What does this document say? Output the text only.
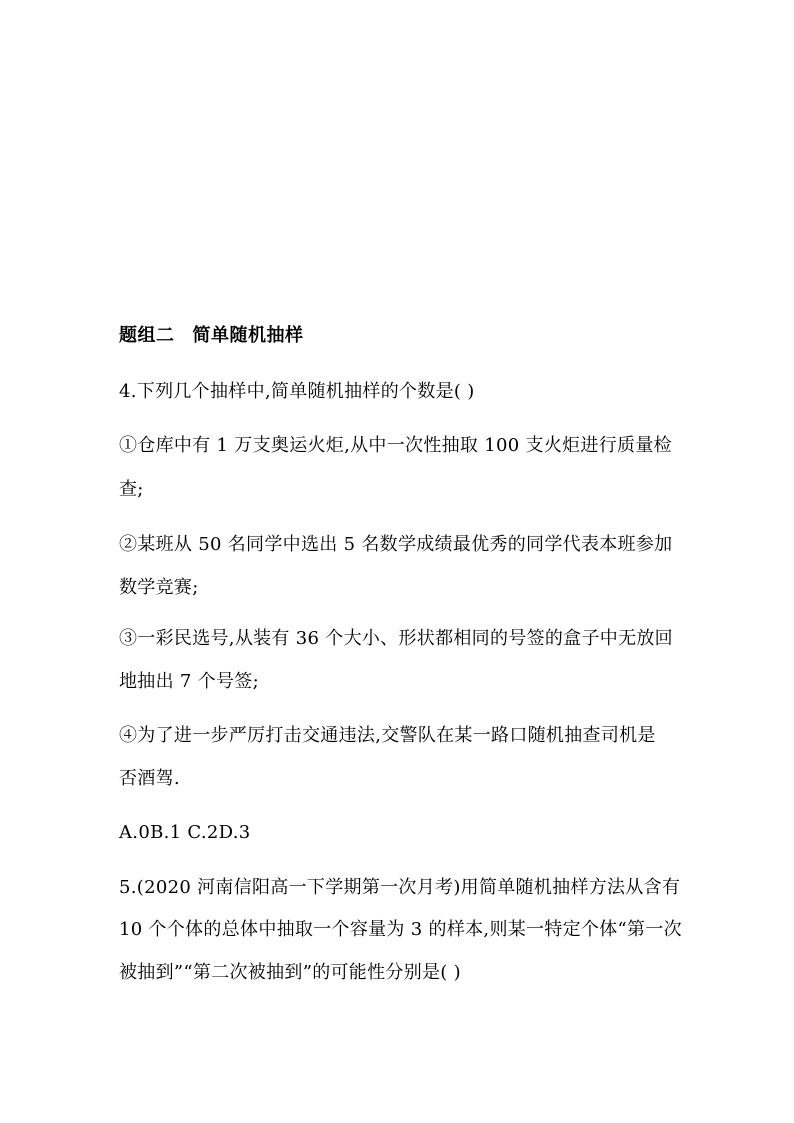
题组二 简单随机抽样
4.下列几个抽样中,简单随机抽样的个数是( )
①仓库中有 1 万支奥运火炬,从中一次性抽取 100 支火炬进行质量检
查;
②某班从 50 名同学中选出 5 名数学成绩最优秀的同学代表本班参加
数学竞赛;
③一彩民选号,从装有 36 个大小、形状都相同的号签的盒子中无放回
地抽出 7 个号签;
④为了进一步严厉打击交通违法,交警队在某一路口随机抽查司机是
否酒驾.
A.0B.1 C.2D.3
5.(2020 河南信阳高一下学期第一次月考)用简单随机抽样方法从含有
10 个个体的总体中抽取一个容量为 3 的样本,则某一特定个体“第一次
被抽到”“第二次被抽到”的可能性分别是( )
